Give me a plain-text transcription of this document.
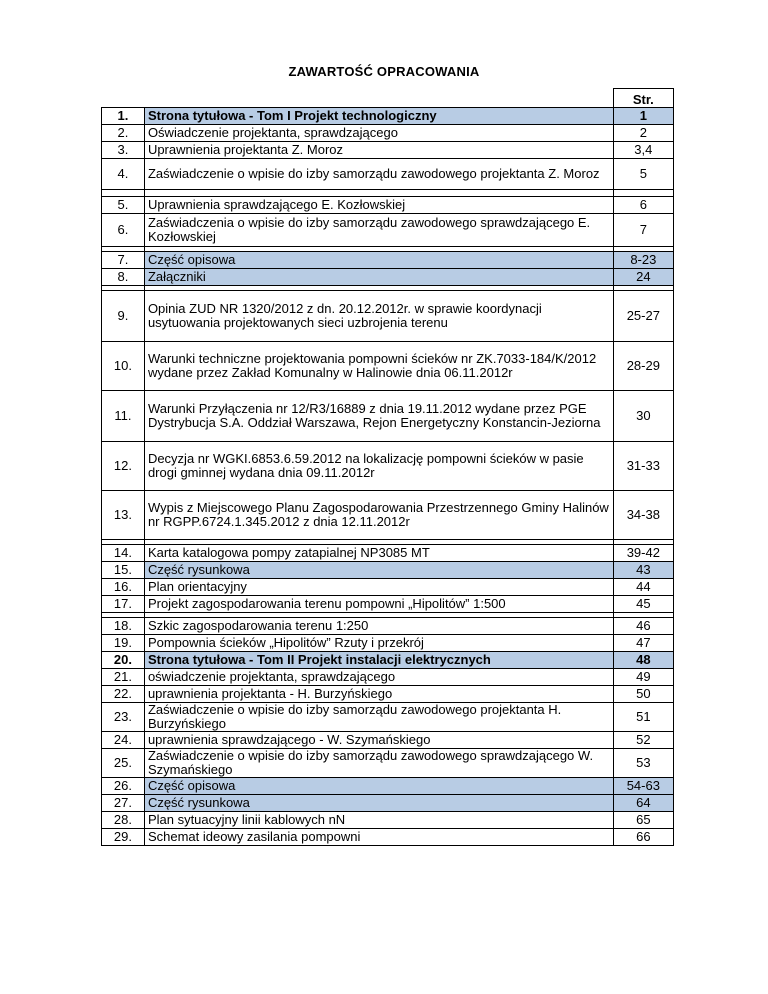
ZAWARTOŚĆ OPRACOWANIA
		Str.
1.	Strona tytułowa - Tom I Projekt technologiczny	1
2.	Oświadczenie projektanta, sprawdzającego	2
3.	Uprawnienia projektanta Z. Moroz	3,4
4.	Zaświadczenie o wpisie do izby samorządu zawodowego projektanta Z. Moroz	5

5.	Uprawnienia sprawdzającego E. Kozłowskiej	6
6.	Zaświadczenia o wpisie do izby samorządu zawodowego sprawdzającego E. Kozłowskiej	7

7.	Część opisowa	8-23
8.	Załączniki	24

9.	Opinia ZUD NR 1320/2012 z dn. 20.12.2012r. w sprawie koordynacji usytuowania projektowanych sieci uzbrojenia terenu	25-27
10.	Warunki techniczne projektowania pompowni ścieków nr ZK.7033-184/K/2012 wydane przez Zakład Komunalny w Halinowie dnia 06.11.2012r	28-29
11.	Warunki Przyłączenia nr 12/R3/16889 z dnia 19.11.2012 wydane przez PGE Dystrybucja S.A. Oddział Warszawa, Rejon Energetyczny Konstancin-Jeziorna	30
12.	Decyzja nr WGKI.6853.6.59.2012 na lokalizację pompowni ścieków w pasie drogi gminnej wydana dnia 09.11.2012r	31-33
13.	Wypis z Miejscowego Planu Zagospodarowania Przestrzennego Gminy Halinów nr RGPP.6724.1.345.2012 z dnia 12.11.2012r	34-38

14.	Karta katalogowa pompy zatapialnej NP3085 MT	39-42
15.	Część rysunkowa	43
16.	Plan orientacyjny	44
17.	Projekt zagospodarowania terenu pompowni „Hipolitów” 1:500	45

18.	Szkic zagospodarowania terenu 1:250	46
19.	Pompownia ścieków „Hipolitów” Rzuty i przekrój	47
20.	Strona tytułowa - Tom II Projekt instalacji elektrycznych	48
21.	oświadczenie projektanta, sprawdzającego	49
22.	uprawnienia projektanta - H. Burzyńskiego	50
23.	Zaświadczenie o wpisie do izby samorządu zawodowego projektanta H. Burzyńskiego	51
24.	uprawnienia sprawdzającego - W. Szymańskiego	52
25.	Zaświadczenie o wpisie do izby samorządu zawodowego sprawdzającego W. Szymańskiego	53
26.	Część opisowa	54-63
27.	Część rysunkowa	64
28.	Plan sytuacyjny linii kablowych nN	65
29.	Schemat ideowy zasilania pompowni	66
